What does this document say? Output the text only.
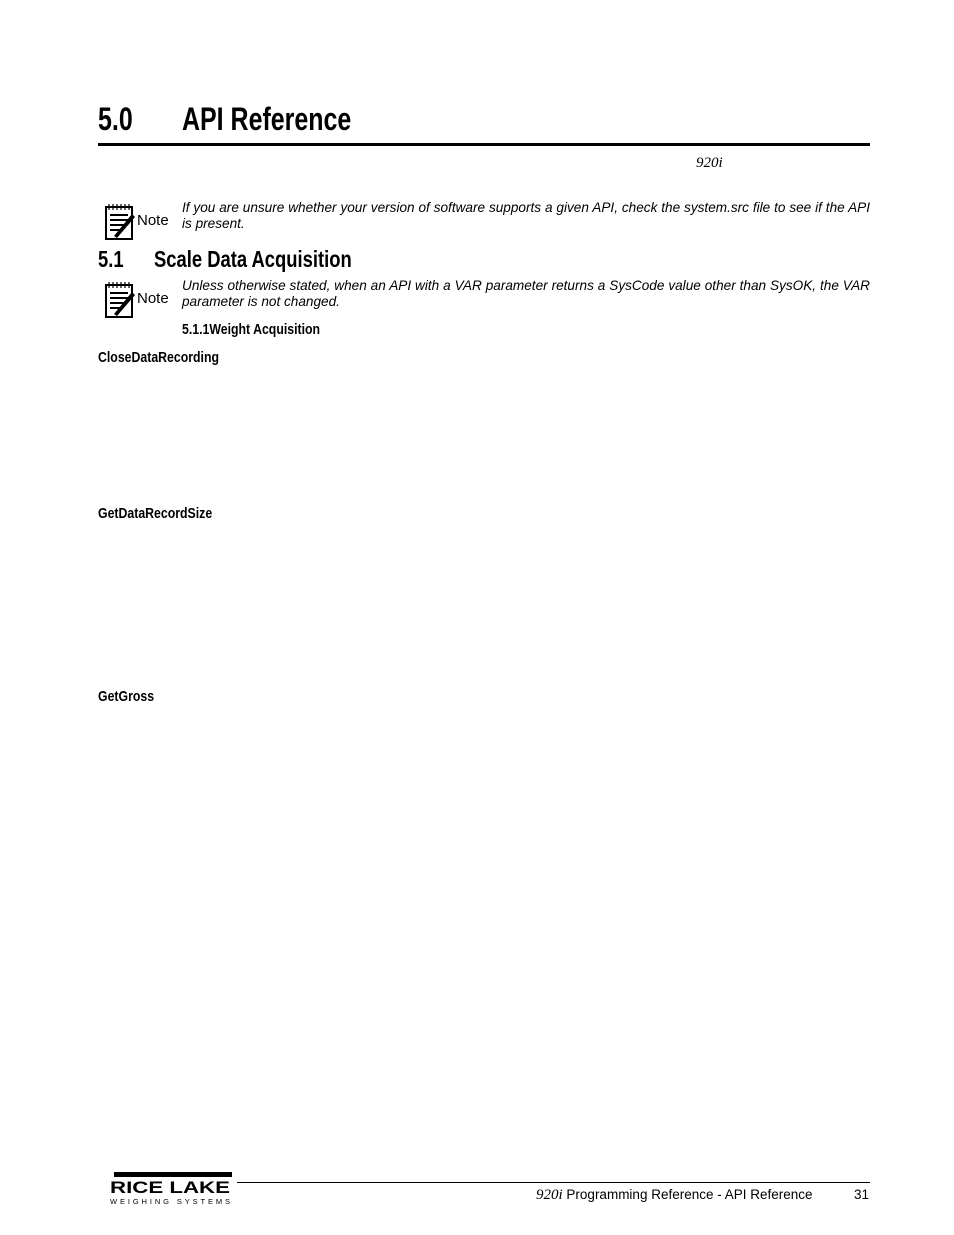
5.0 API Reference
920i
Note
If you are unsure whether your version of software supports a given API, check the system.src file to see if the API is present.
5.1 Scale Data Acquisition
Note
Unless otherwise stated, when an API with a VAR parameter returns a SysCode value other than SysOK, the VAR parameter is not changed.
5.1.1Weight Acquisition
CloseDataRecording
GetDataRecordSize
GetGross
RICE LAKE
WEIGHING SYSTEMS	920i Programming Reference - API Reference	31
